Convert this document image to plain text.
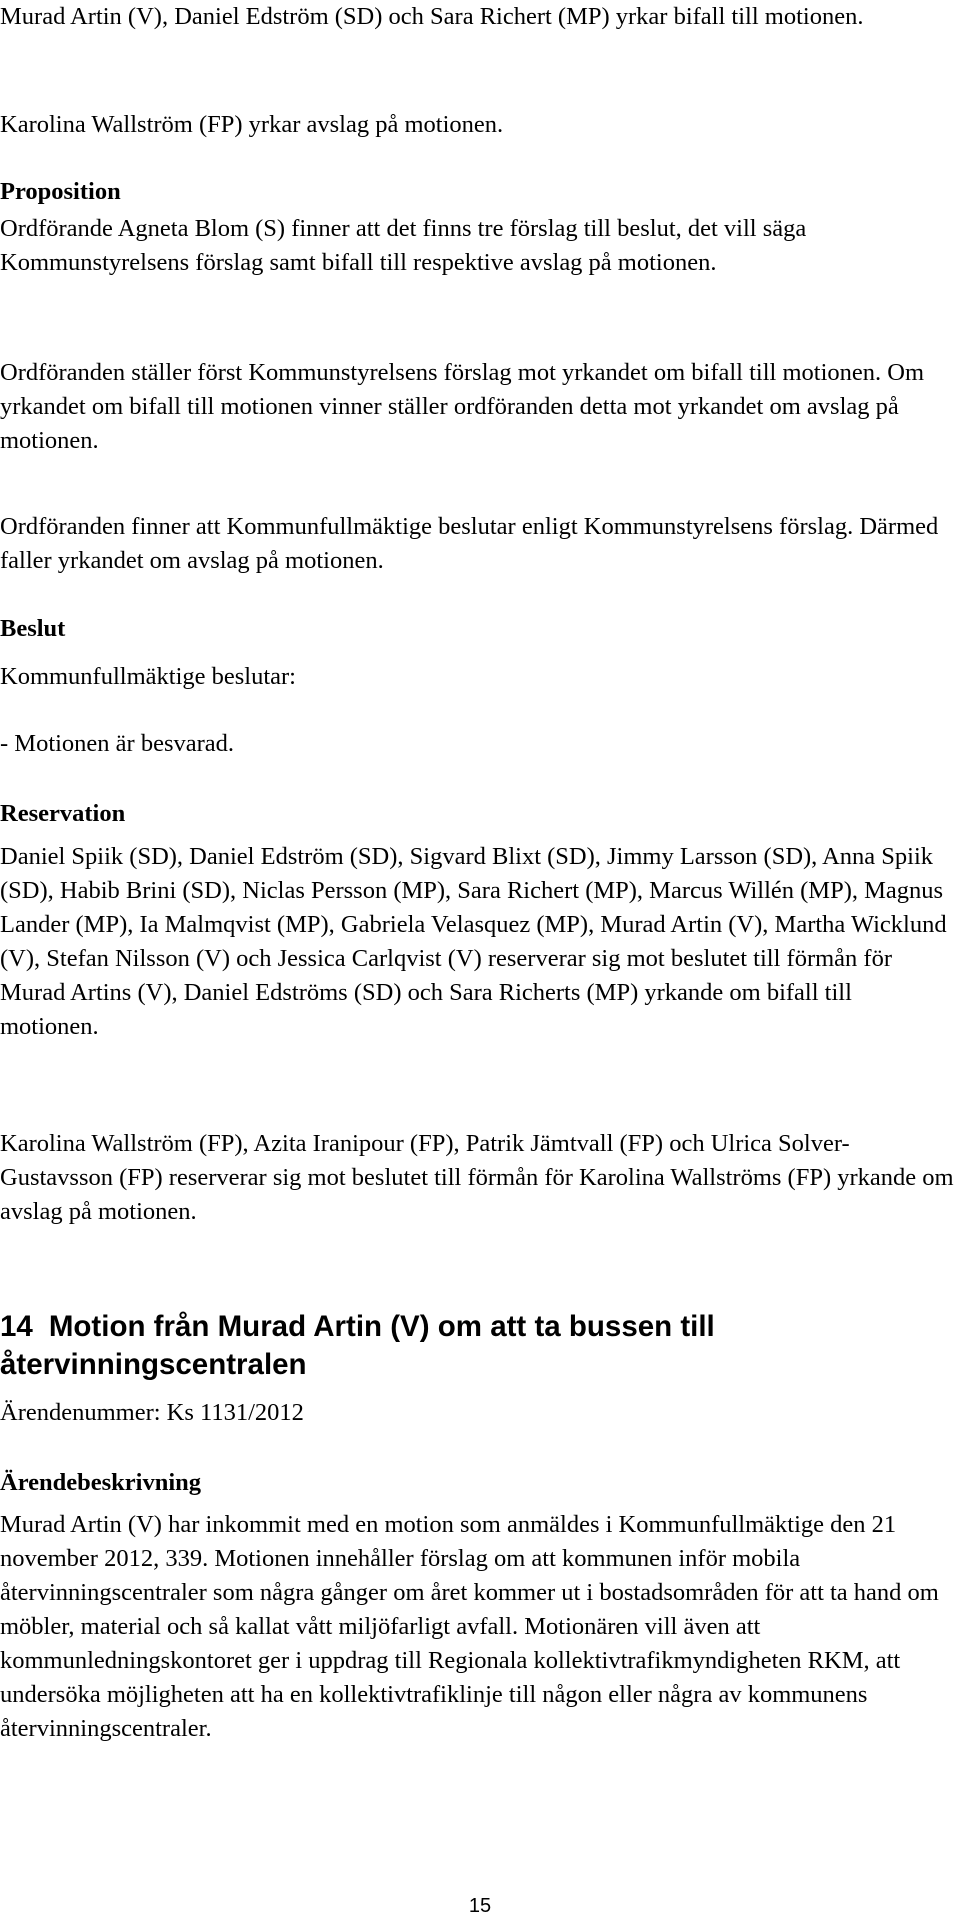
Murad Artin (V), Daniel Edström (SD) och Sara Richert (MP) yrkar bifall till motionen.

Karolina Wallström (FP) yrkar avslag på motionen.

Proposition

Ordförande Agneta Blom (S) finner att det finns tre förslag till beslut, det vill säga Kommunstyrelsens förslag samt bifall till respektive avslag på motionen.

Ordföranden ställer först Kommunstyrelsens förslag mot yrkandet om bifall till motionen. Om yrkandet om bifall till motionen vinner ställer ordföranden detta mot yrkandet om avslag på motionen.

Ordföranden finner att Kommunfullmäktige beslutar enligt Kommunstyrelsens förslag. Därmed faller yrkandet om avslag på motionen.

Beslut

Kommunfullmäktige beslutar:

- Motionen är besvarad.

Reservation

Daniel Spiik (SD), Daniel Edström (SD), Sigvard Blixt (SD), Jimmy Larsson (SD), Anna Spiik (SD), Habib Brini (SD), Niclas Persson (MP), Sara Richert (MP), Marcus Willén (MP), Magnus Lander (MP), Ia Malmqvist (MP), Gabriela Velasquez (MP), Murad Artin (V), Martha Wicklund (V), Stefan Nilsson (V) och Jessica Carlqvist (V) reserverar sig mot beslutet till förmån för Murad Artins (V), Daniel Edströms (SD) och Sara Richerts (MP) yrkande om bifall till motionen.

Karolina Wallström (FP), Azita Iranipour (FP), Patrik Jämtvall (FP) och Ulrica Solver-Gustavsson (FP) reserverar sig mot beslutet till förmån för Karolina Wallströms (FP) yrkande om avslag på motionen.

14 Motion från Murad Artin (V) om att ta bussen till återvinningscentralen

Ärendenummer: Ks 1131/2012

Ärendebeskrivning

Murad Artin (V) har inkommit med en motion som anmäldes i Kommunfullmäktige den 21 november 2012, 339. Motionen innehåller förslag om att kommunen inför mobila återvinningscentraler som några gånger om året kommer ut i bostadsområden för att ta hand om möbler, material och så kallat vått miljöfarligt avfall. Motionären vill även att kommunledningskontoret ger i uppdrag till Regionala kollektivtrafikmyndigheten RKM, att undersöka möjligheten att ha en kollektivtrafiklinje till någon eller några av kommunens återvinningscentraler.

15
